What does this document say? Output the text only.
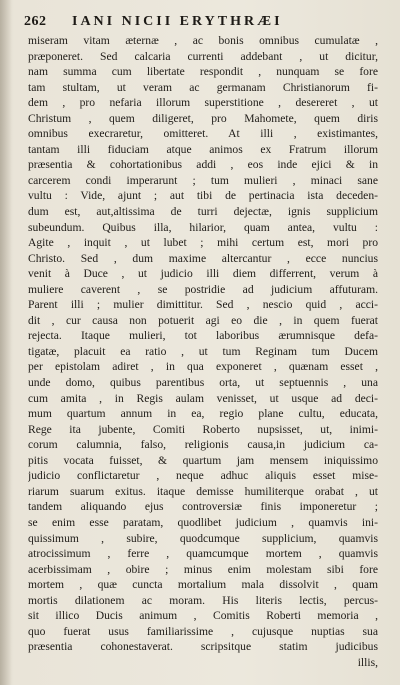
262 IANI NICII ERYTHRÆI
miseram vitam æternæ , ac bonis omnibus cumulatæ ,
præponeret. Sed calcaria currenti addebant , ut dicitur,
nam summa cum libertate respondit , nunquam se fore
tam stultam, ut veram ac germanam Christianorum fi-
dem , pro nefaria illorum superstitione , desereret , ut
Christum , quem diligeret, pro Mahomete, quem diris
omnibus execraretur, omitteret. At illi , existimantes,
tantam illi fiduciam atque animos ex Fratrum illorum
præsentia & cohortationibus addi , eos inde ejici & in
carcerem condi imperarunt ; tum mulieri , minaci sane
vultu : Vide, ajunt ; aut tibi de pertinacia ista deceden-
dum est, aut,altissima de turri dejectæ, ignis supplicium
subeundum. Quibus illa, hilarior, quam antea, vultu :
Agite , inquit , ut lubet ; mihi certum est, mori pro
Christo. Sed , dum maxime altercantur , ecce nuncius
venit à Duce , ut judicio illi diem differrent, verum à
muliere caverent , se postridie ad judicium affuturam.
Parent illi ; mulier dimittitur. Sed , nescio quid , acci-
dit , cur causa non potuerit agi eo die , in quem fuerat
rejecta. Itaque mulieri, tot laboribus ærumnisque defa-
tigatæ, placuit ea ratio , ut tum Reginam tum Ducem
per epistolam adiret , in qua exponeret , quænam esset ,
unde domo, quibus parentibus orta, ut septuennis , una
cum amita , in Regis aulam venisset, ut usque ad deci-
mum quartum annum in ea, regio plane cultu, educata,
Rege ita jubente, Comiti Roberto nupsisset, ut, inimi-
corum calumnia, falso, religionis causa,in judicium ca-
pitis vocata fuisset, & quartum jam mensem iniquissimo
judicio conflictaretur , neque adhuc aliquis esset mise-
riarum suarum exitus. itaque demisse humiliterque orabat , ut
tandem aliquando ejus controversiæ finis imponeretur ;
se enim esse paratam, quodlibet judicium , quamvis ini-
quissimum , subire, quodcumque supplicium, quamvis
atrocissimum , ferre , quamcumque mortem , quamvis
acerbissimam , obire ; minus enim molestam sibi fore
mortem , quæ cuncta mortalium mala dissolvit , quam
mortis dilationem ac moram. His literis lectis, percus-
sit illico Ducis animum , Comitis Roberti memoria ,
quo fuerat usus familiarissime , cujusque nuptias sua
præsentia cohonestaverat. scripsitque statim judicibus
illis,
